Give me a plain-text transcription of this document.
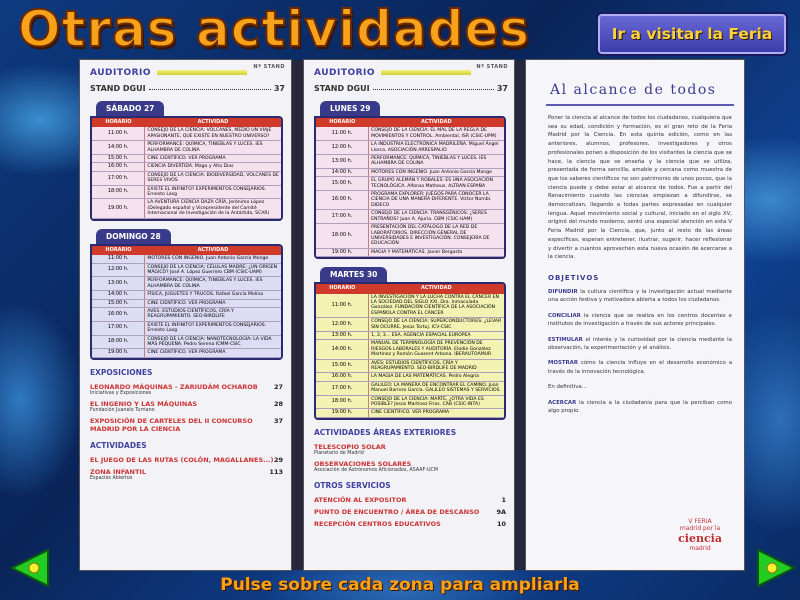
Otras actividades	Ir a visitar la Feria
AUDITORIO
Nº STAND
STAND DGUI	37
SÁBADO 27
HORARIO	ACTIVIDAD
11:00 h.	CONSEJO DE LA CIENCIA: VOLCANES, MEDIO UN VIAJE APASIONANTE, QUE EXISTE EN NUESTRO UNIVERSO?
14:00 h.	PERFORMANCE: QUÍMICA, TINIEBLAS Y LUCES. IES ALHAMBRA DE COLINA
15:00 h.	CINE CIENTÍFICO. VER PROGRAMA
16:00 h.	CIENCIA DIVERTIDA. Mago y Alta Dios
17:00 h.	CONSEJO DE LA CIENCIA: BIODIVERSIDAD, VOLCANES DE SERES VIVOS
18:00 h.	EXISTE EL INFINITO? EXPERIMENTOS CONSEJARIOS. Ernesto Lasg
19:00 h.	LA AVENTURA CIENCIA DAZA CRÍA, Jerónimo López (Delegado español y Vicepresidente del Comité Internacional de Investigación de la Antártida, SCAR)
DOMINGO 28
HORARIO	ACTIVIDAD
11:00 h.	MOTORES CON INGENIO. Juan Antonio García Monge
12:00 h.	CONSEJO DE LA CIENCIA: CÉLULAS MADRE: ¿UN ORÍGEN MÁGICO? José A. López Guerrero CBM (CSIC-UAM)
13:00 h.	PERFORMANCE: QUÍMICA, TINIEBLAS Y LUCES. IES ALHAMBRA DE COLINA
14:00 h.	FÍSICA, JUGUETES Y TRUCOS. Rafael García Molina
15:00 h.	CINE CIENTÍFICO. VER PROGRAMA
16:00 h.	AVES: ESTUDIOS CIENTÍFICOS, CRÍA Y REAGRUPAMIENTO. SEO-BIRDLIFE
17:00 h.	EXISTE EL INFINITO? EXPERIMENTOS CONSEJARIOS. Ernesto Lasg
18:00 h.	CONSEJO DE LA CIENCIA: NANOTECNOLOGÍA: LA VIDA MÁS PEQUEÑA. Pedro Serena ICMM-CSIC
19:00 h.	CINE CIENTÍFICO. VER PROGRAMA
EXPOSICIONES
LEONARDO MÁQUINAS - ZARIUDÁM OCHAROB
Iniciativas y Exposiciones
27
EL INGENIO Y LAS MÁQUINAS
Fundación Juanelo Turriano
28
EXPOSICIÓN DE CARTELES DEL II CONCURSO MADRID POR LA CIENCIA
37
ACTIVIDADES
EL JUEGO DE LAS RUTAS (COLÓN, MAGALLANES...) 29
ZONA INFANTIL
Espacios Abiertos
113
AUDITORIO
Nº STAND
STAND DGUI	37
LUNES 29
HORARIO	ACTIVIDAD
11:00 h.	CONSEJO DE LA CIENCIA: EL MAL DE LA REGLA DE MOVIMIENTOS Y CONTROL. Ambiental, ISR (CSIC-UPM)
12:00 h.	LA INDUSTRIA ELECTRÓNICA MADRILEÑA. Miguel Ángel Llorca. ASOCIACIÓN ARRESPALIO
13:00 h.	PERFORMANCE: QUÍMICA, TINIEBLAS Y LUCES. IES ALHAMBRA DE COLINA
14:00 h.	MOTORES CON INGENIO. Juan Antonio García Monge
15:00 h.	EL GRUPO ALEMÁN Y ROBALES: ES UNA ASOCIACIÓN TECNOLÓGICA. Alfonso Matheus. ALTRAN ESPAÑA
16:00 h.	PROGRAMA EXPLORER: JUEGOS PARA CONOCER LA CIENCIA DE UNA MANERA DIFERENTE. Víctor Nombí. DIDECO
17:00 h.	CONSEJO DE LA CIENCIA: TRANSGÉNICOS: ¿SERES ENTRAÑOS? Juan A. Ajuria. CBM (CSIC-UAM)
18:00 h.	PRESENTACIÓN DEL CATÁLOGO DE LA RED DE LABORATORIOS. DIRECCIÓN GENERAL DE UNIVERSIDADES E INVESTIGACIÓN. CONSEJERÍA DE EDUCACIÓN
19:00 h.	MAGIA Y MATEMÁTICAS. Javier Bergasto
MARTES 30
HORARIO	ACTIVIDAD
11:00 h.	LA INVESTIGACIÓN Y LA LUCHA CONTRA EL CÁNCER EN LA SOCIEDAD DEL SIGLO XXI. Dra. Inmaculada González. FUNDACIÓN CIENTÍFICA DE LA ASOCIACIÓN ESPAÑOLA CONTRA EL CÁNCER
12:00 h.	CONSEJO DE LA CIENCIA: SUPERCONDUCTORES: ¿LEVAR SIN OCURRE. Jesús Tortuj. ICV-CSIC
13:00 h.	1, 2, 3... ESA. AGENCIA ESPACIAL EUROPEA
14:00 h.	MANUAL DE TERMINOLOGÍA DE PREVENCIÓN DE RIESGOS LABORALES Y AUDITORÍA. Elodie González Martínez y Ramón Guasent Arbona. IBERAUTOAMUR
15:00 h.	AVES: ESTUDIOS CIENTÍFICOS, CRÍA Y REAGRUPAMIENTO. SEO-BIRDLIFE DE MADRID
16:00 h.	LA MAGIA DE LAS MATEMÁTICAS. Pedro Alegría
17:00 h.	GALILEO: LA MANERA DE ENCONTRAR EL CAMINO. Juan Manuel Barrero García. GALILEO SISTEMAS Y SERVICIOS
18:00 h.	CONSEJO DE LA CIENCIA: MARTE, ¿OTRA VIDA ES POSIBLE? Jesús Martínez Frías. CAB (CSIC-INTA)
19:00 h.	CINE CIENTÍFICO. VER PROGRAMA
ACTIVIDADES ÁREAS EXTERIORES
TELESCOPIO SOLAR
Planetario de Madrid
OBSERVACIONES SOLARES
Asociación de Astrónomos Aficionados, ASAAF-UCM
OTROS SERVICIOS
ATENCIÓN AL EXPOSITOR	1
PUNTO DE ENCUENTRO / ÁREA DE DESCANSO	9A
RECEPCIÓN CENTROS EDUCATIVOS	10
Al alcance de todos
Poner la ciencia al alcance de todos los ciudadanos, cualquiera que sea su edad, condición y formación, es el gran reto de la Feria Madrid por la Ciencia. En esta quinta edición, como en las anteriores, alumnos, profesores, investigadores y otros profesionales ponen a disposición de los visitantes la ciencia que se hace, la ciencia que se enseña y la ciencia que se utiliza, presentada de forma sencilla, amable y cercana como muestra de que los saberes científicos no son patrimonio de unos pocos, que la ciencia puede y debe estar al alcance de todos. Fue a partir del Renacimiento cuando las ciencias empiezan a difundirse, se democratizan, llegando a todas partes expresadas en cualquier lengua. Aquel movimiento social y cultural, iniciado en el siglo XV, originó del mundo moderno, sentó una especial atención en esta V Feria Madrid por la Ciencia, que, junto al resto de las áreas específicas, esperan entretener, ilustrar, sugerir, hacer reflexionar y divertir a cuantos aprovechen esta nueva ocasión de acercarse a la ciencia.
OBJETIVOS
DIFUNDIR la cultura científica y la investigación actual mediante una acción festiva y motivadora abierta a todos los ciudadanos.
CONCILIAR la ciencia que se realiza en los centros docentes e institutos de investigación a través de sus actores principales.
ESTIMULAR el interés y la curiosidad por la ciencia mediante la observación, la experimentación y el análisis.
MOSTRAR cómo la ciencia influye en el desarrollo económico a través de la innovación tecnológica.
En definitiva...
ACERCAR la ciencia a la ciudadanía para que la perciban como algo propio.
V FERIA
madrid por la
ciencia
madrid
Pulse sobre cada zona para ampliarla
